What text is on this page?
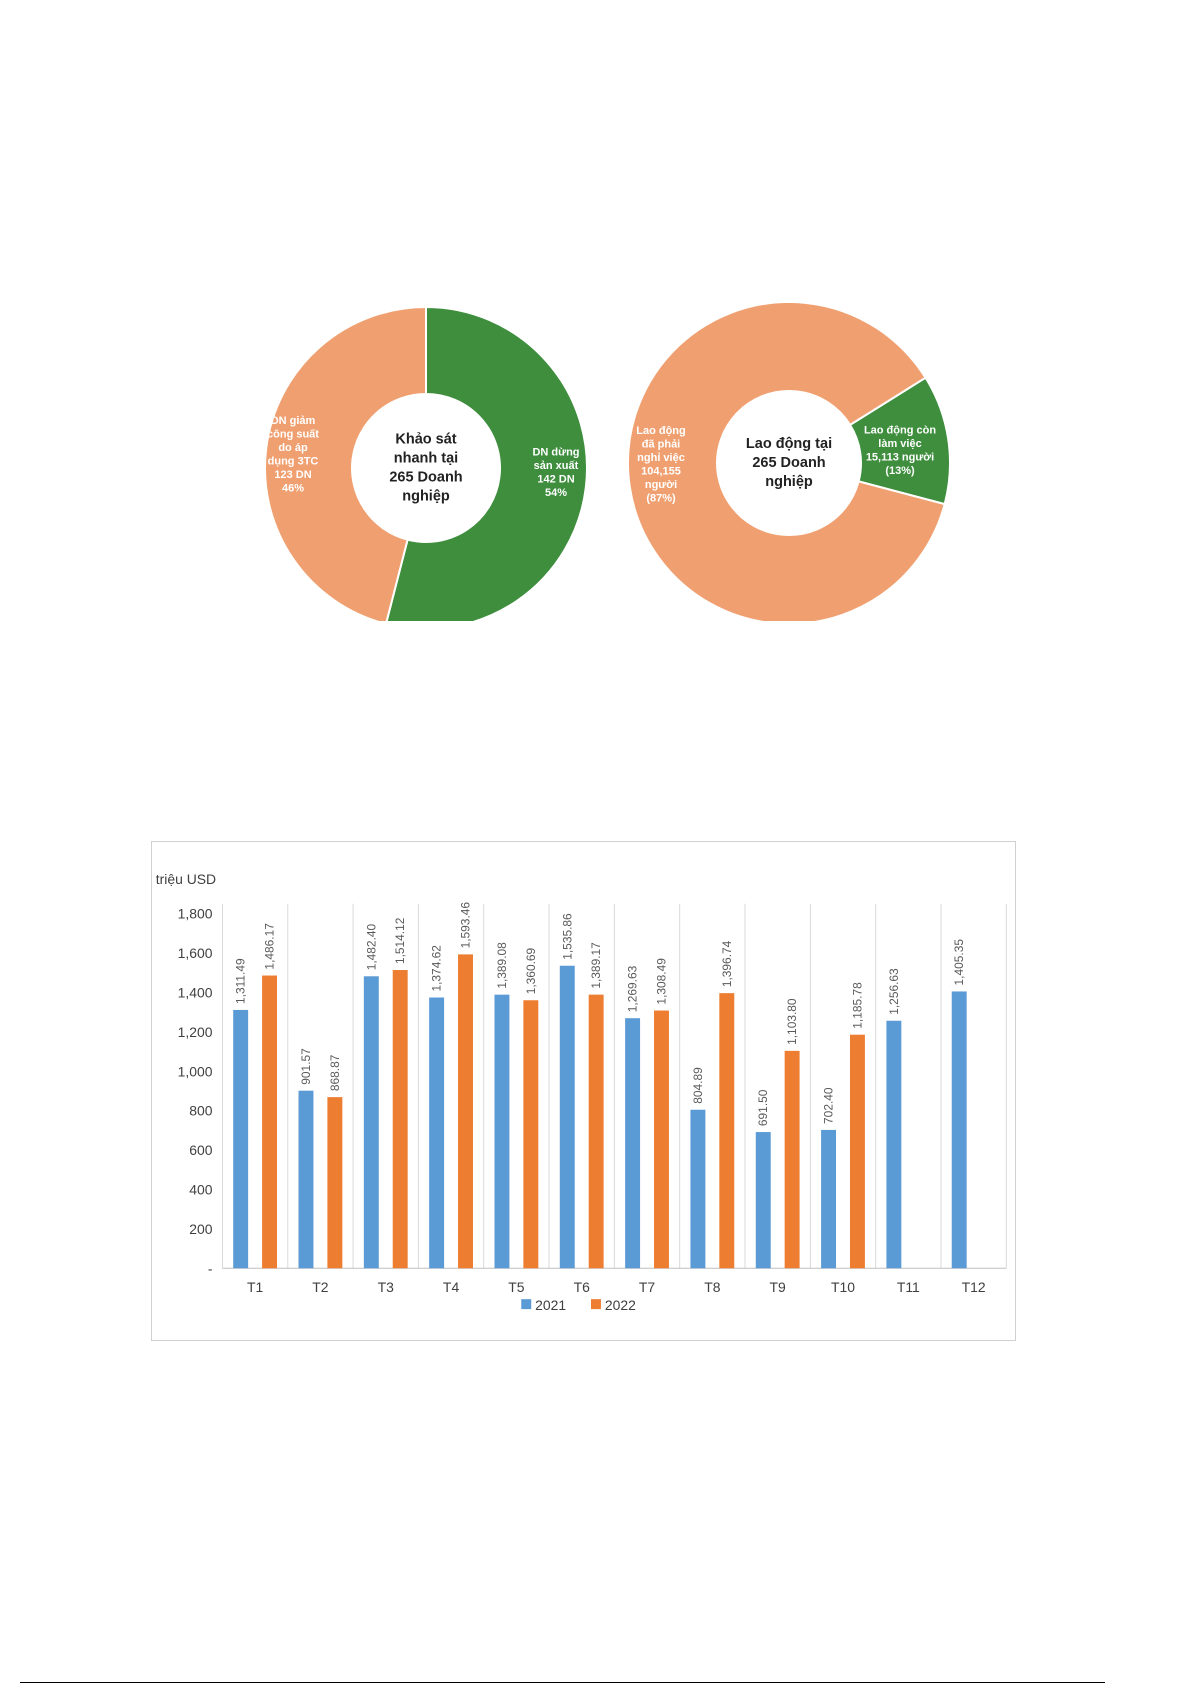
DN dừng
sản xuất
142 DN
54%
DN giảm
công suất
do áp
dụng 3TC
123 DN
46%
Khảo sát
nhanh tại
265 Doanh
nghiệp
Lao động còn
làm việc
15,113 người
(13%)
Lao động
đã phải
nghỉ việc
104,155
người
(87%)
Lao động tại
265 Doanh
nghiệp
triệu USD
-
200
400
600
800
1,000
1,200
1,400
1,600
1,800
1,311.49
1,486.17
T1
901.57 868.87
T2
1,482.40 1,514.12
T3
1,374.62
1,593.46
T4
1,389.08 1,360.69
T5
1,535.86
1,389.17
T6
1,269.63 1,308.49
T7
804.89
1,396.74
T8
691.50
1,103.80
T9
702.40
1,185.78
T10
1,256.63
T11
1,405.35
T12
2021	2022
